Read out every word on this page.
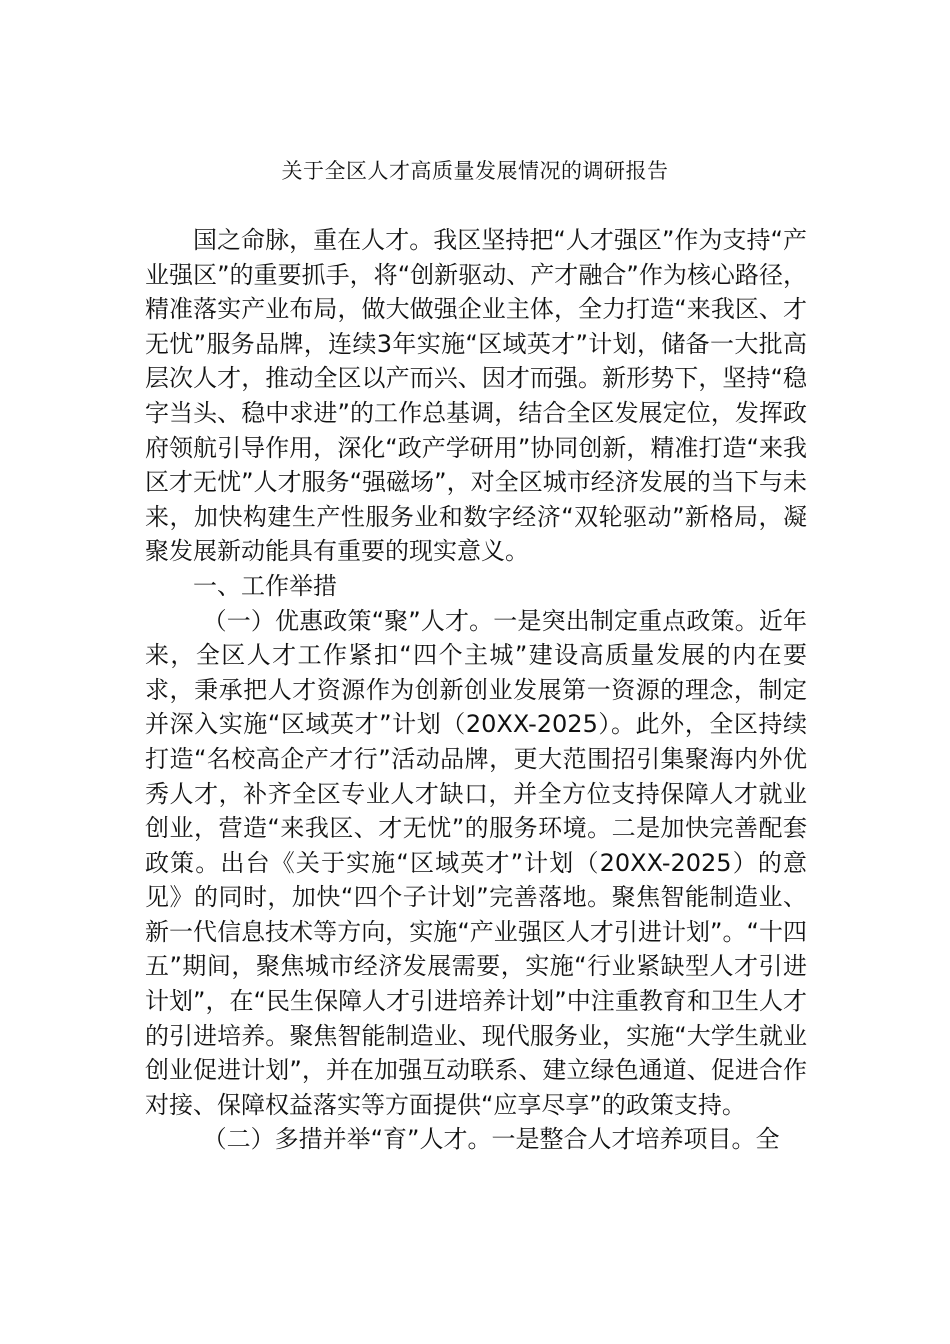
关于全区人才高质量发展情况的调研报告

国之命脉，重在人才。我区坚持把“人才强区”作为支持“产业强区”的重要抓手，将“创新驱动、产才融合”作为核心路径，精准落实产业布局，做大做强企业主体，全力打造“来我区、才无忧”服务品牌，连续3年实施“区域英才”计划，储备一大批高层次人才，推动全区以产而兴、因才而强。新形势下，坚持“稳字当头、稳中求进”的工作总基调，结合全区发展定位，发挥政府领航引导作用，深化“政产学研用”协同创新，精准打造“来我区才无忧”人才服务“强磁场”，对全区城市经济发展的当下与未来，加快构建生产性服务业和数字经济“双轮驱动”新格局，凝聚发展新动能具有重要的现实意义。

一、工作举措

（一）优惠政策“聚”人才。一是突出制定重点政策。近年来，全区人才工作紧扣“四个主城”建设高质量发展的内在要求，秉承把人才资源作为创新创业发展第一资源的理念，制定并深入实施“区域英才”计划（20XX-2025）。此外，全区持续打造“名校高企产才行”活动品牌，更大范围招引集聚海内外优秀人才，补齐全区专业人才缺口，并全方位支持保障人才就业创业，营造“来我区、才无忧”的服务环境。二是加快完善配套政策。出台《关于实施“区域英才”计划（20XX-2025）的意见》的同时，加快“四个子计划”完善落地。聚焦智能制造业、新一代信息技术等方向，实施“产业强区人才引进计划”。“十四五”期间，聚焦城市经济发展需要，实施“行业紧缺型人才引进计划”，在“民生保障人才引进培养计划”中注重教育和卫生人才的引进培养。聚焦智能制造业、现代服务业，实施“大学生就业创业促进计划”，并在加强互动联系、建立绿色通道、促进合作对接、保障权益落实等方面提供“应享尽享”的政策支持。

（二）多措并举“育”人才。一是整合人才培养项目。全
